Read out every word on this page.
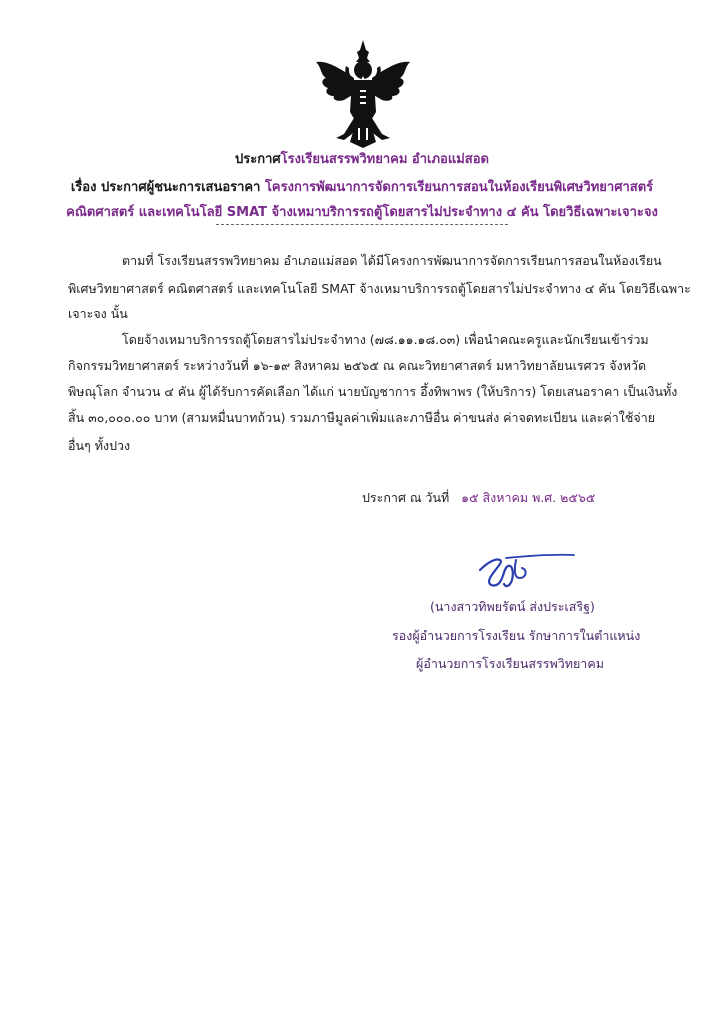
ประกาศโรงเรียนสรรพวิทยาคม อำเภอแม่สอด
เรื่อง ประกาศผู้ชนะการเสนอราคา โครงการพัฒนาการจัดการเรียนการสอนในห้องเรียนพิเศษวิทยาศาสตร์
คณิตศาสตร์ และเทคโนโลยี SMAT จ้างเหมาบริการรถตู้โดยสารไม่ประจำทาง ๔ คัน โดยวิธีเฉพาะเจาะจง
ตามที่ โรงเรียนสรรพวิทยาคม อำเภอแม่สอด ได้มีโครงการพัฒนาการจัดการเรียนการสอนในห้องเรียน
พิเศษวิทยาศาสตร์ คณิตศาสตร์ และเทคโนโลยี SMAT จ้างเหมาบริการรถตู้โดยสารไม่ประจำทาง ๔ คัน โดยวิธีเฉพาะ
เจาะจง นั้น
โดยจ้างเหมาบริการรถตู้โดยสารไม่ประจำทาง (๗๘.๑๑.๑๘.๐๓) เพื่อนำคณะครูและนักเรียนเข้าร่วม
กิจกรรมวิทยาศาสตร์ ระหว่างวันที่ ๑๖-๑๙ สิงหาคม ๒๕๖๕ ณ คณะวิทยาศาสตร์ มหาวิทยาลัยนเรศวร จังหวัด
พิษณุโลก จำนวน ๔ คัน ผู้ได้รับการคัดเลือก ได้แก่ นายบัญชาการ อึ้งทิพาพร (ให้บริการ) โดยเสนอราคา เป็นเงินทั้ง
สิ้น ๓๐,๐๐๐.๐๐ บาท (สามหมื่นบาทถ้วน) รวมภาษีมูลค่าเพิ่มและภาษีอื่น ค่าขนส่ง ค่าจดทะเบียน และค่าใช้จ่าย
อื่นๆ ทั้งปวง
ประกาศ ณ วันที่ ๑๕ สิงหาคม พ.ศ. ๒๕๖๕
(นางสาวทิพยรัตน์ ส่งประเสริฐ)
รองผู้อำนวยการโรงเรียน รักษาการในตำแหน่ง
ผู้อำนวยการโรงเรียนสรรพวิทยาคม
